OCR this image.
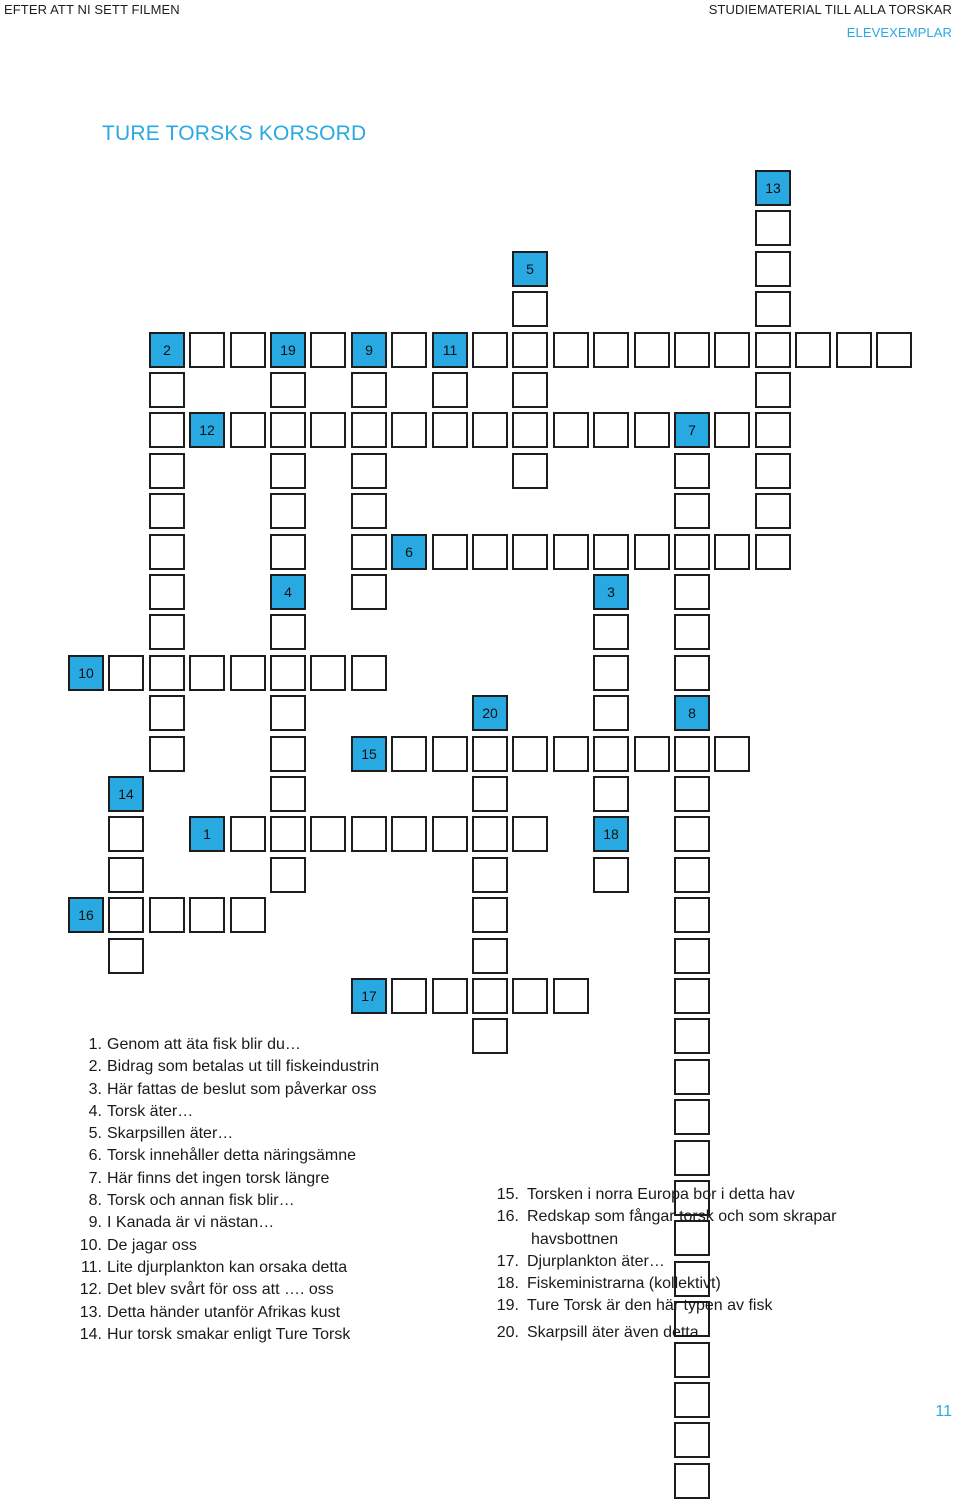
EFTER ATT NI SETT FILMEN	STUDIEMATERIAL TILL ALLA TORSKAR
ELEVEXEMPLAR
TURE TORSKS KORSORD
13
5
2	19	9	11
12	7
8
6
4	3
18
10
20
15
14
1
16
17
1. Genom att äta fisk blir du…
2. Bidrag som betalas ut till fiskeindustrin
3. Här fattas de beslut som påverkar oss
4. Torsk äter…
5. Skarpsillen äter…
6. Torsk innehåller detta näringsämne
7. Här finns det ingen torsk längre
8. Torsk och annan fisk blir…
9. I Kanada är vi nästan…
10. De jagar oss
11. Lite djurplankton kan orsaka detta
12. Det blev svårt för oss att …. oss
13. Detta händer utanför Afrikas kust
14. Hur torsk smakar enligt Ture Torsk
15. Torsken i norra Europa bor i detta hav
16. Redskap som fångar torsk och som skrapar havsbottnen
17. Djurplankton äter…
18. Fiskeministrarna (kollektivt)
19. Ture Torsk är den här typen av fisk
20. Skarpsill äter även detta
11
